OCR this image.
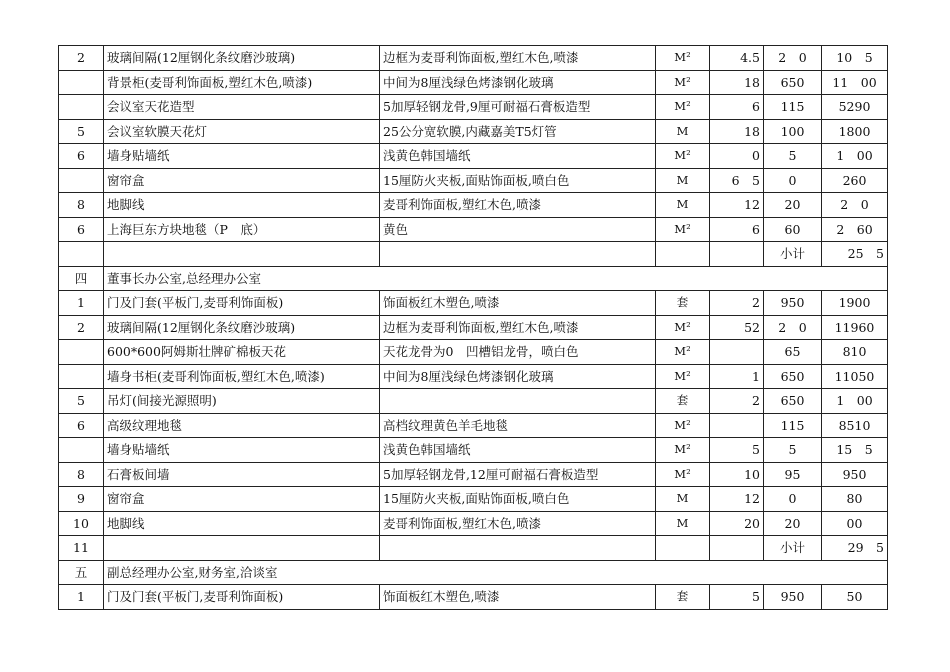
2	玻璃间隔(12厘钢化条纹磨沙玻璃)	边框为麦哥利饰面板,塑红木色,喷漆	M²	4.5	2　0	10　5
	背景柜(麦哥利饰面板,塑红木色,喷漆)	中间为8厘浅绿色烤漆钢化玻璃	M²	18	650	11　00
	会议室天花造型	5加厚轻钢龙骨,9厘可耐福石膏板造型	M²	6	115	5290
5	会议室软膜天花灯	25公分宽软膜,内藏嘉美T5灯管	M	18	100	1800
6	墙身贴墙纸	浅黄色韩国墙纸	M²	0	5	1　00
	窗帘盒	15厘防火夹板,面贴饰面板,喷白色	M	6　5	0	260
8	地脚线	麦哥利饰面板,塑红木色,喷漆	M	12	20	2　0
6	上海巨东方块地毯（P　底）	黄色	M²	6	60	2　60
					小计	25　5
四	董事长办公室,总经理办公室					
1	门及门套(平板门,麦哥利饰面板)	饰面板红木塑色,喷漆	套	2	950	1900
2	玻璃间隔(12厘钢化条纹磨沙玻璃)	边框为麦哥利饰面板,塑红木色,喷漆	M²	52	2　0	11960
	600*600阿姆斯壮牌矿棉板天花	天花龙骨为0　凹槽铝龙骨，喷白色	M²		65	810
	墙身书柜(麦哥利饰面板,塑红木色,喷漆)	中间为8厘浅绿色烤漆钢化玻璃	M²	1	650	11050
5	吊灯(间接光源照明)		套	2	650	1　00
6	高级纹理地毯	高档纹理黄色羊毛地毯	M²		115	8510
	墙身贴墙纸	浅黄色韩国墙纸	M²	5	5	15　5
8	石膏板间墙	5加厚轻钢龙骨,12厘可耐福石膏板造型	M²	10	95	950
9	窗帘盒	15厘防火夹板,面贴饰面板,喷白色	M	12	0	80
10	地脚线	麦哥利饰面板,塑红木色,喷漆	M	20	20	00
11					小计	29　5
五	副总经理办公室,财务室,洽谈室					
1	门及门套(平板门,麦哥利饰面板)	饰面板红木塑色,喷漆	套	5	950	50
